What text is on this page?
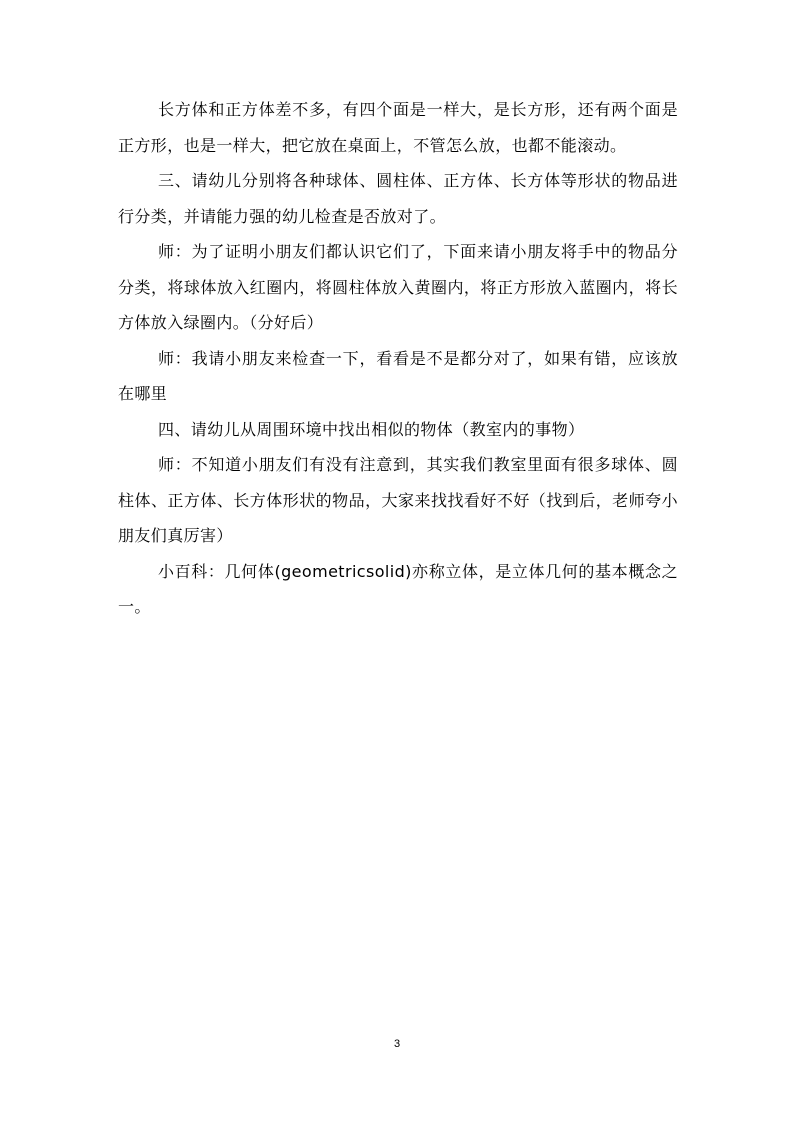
长方体和正方体差不多，有四个面是一样大，是长方形，还有两个面是正方形，也是一样大，把它放在桌面上，不管怎么放，也都不能滚动。

三、请幼儿分别将各种球体、圆柱体、正方体、长方体等形状的物品进行分类，并请能力强的幼儿检查是否放对了。

师：为了证明小朋友们都认识它们了，下面来请小朋友将手中的物品分分类，将球体放入红圈内，将圆柱体放入黄圈内，将正方形放入蓝圈内，将长方体放入绿圈内。（分好后）

师：我请小朋友来检查一下，看看是不是都分对了，如果有错，应该放在哪里

四、请幼儿从周围环境中找出相似的物体（教室内的事物）

师：不知道小朋友们有没有注意到，其实我们教室里面有很多球体、圆柱体、正方体、长方体形状的物品，大家来找找看好不好（找到后，老师夸小朋友们真厉害）

小百科：几何体(geometricsolid)亦称立体，是立体几何的基本概念之一。

3
